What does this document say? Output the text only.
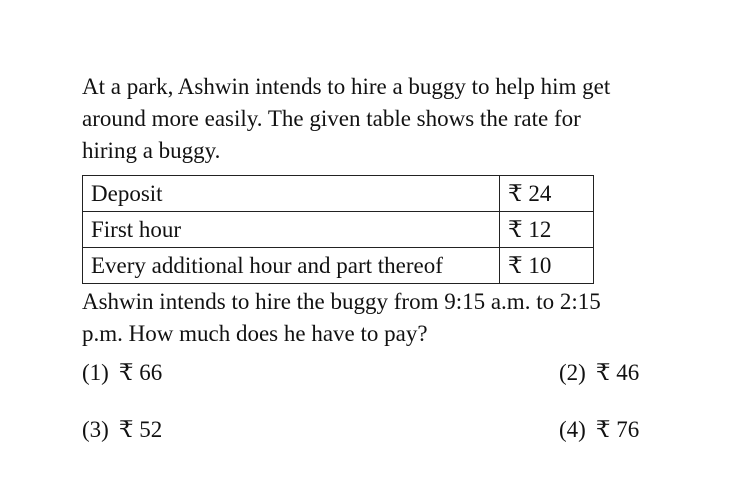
At a park, Ashwin intends to hire a buggy to help him get around more easily. The given table shows the rate for hiring a buggy.

Deposit	₹ 24
First hour	₹ 12
Every additional hour and part thereof	₹ 10

Ashwin intends to hire the buggy from 9:15 a.m. to 2:15 p.m. How much does he have to pay?

(1) ₹ 66	(2) ₹ 46
(3) ₹ 52	(4) ₹ 76
